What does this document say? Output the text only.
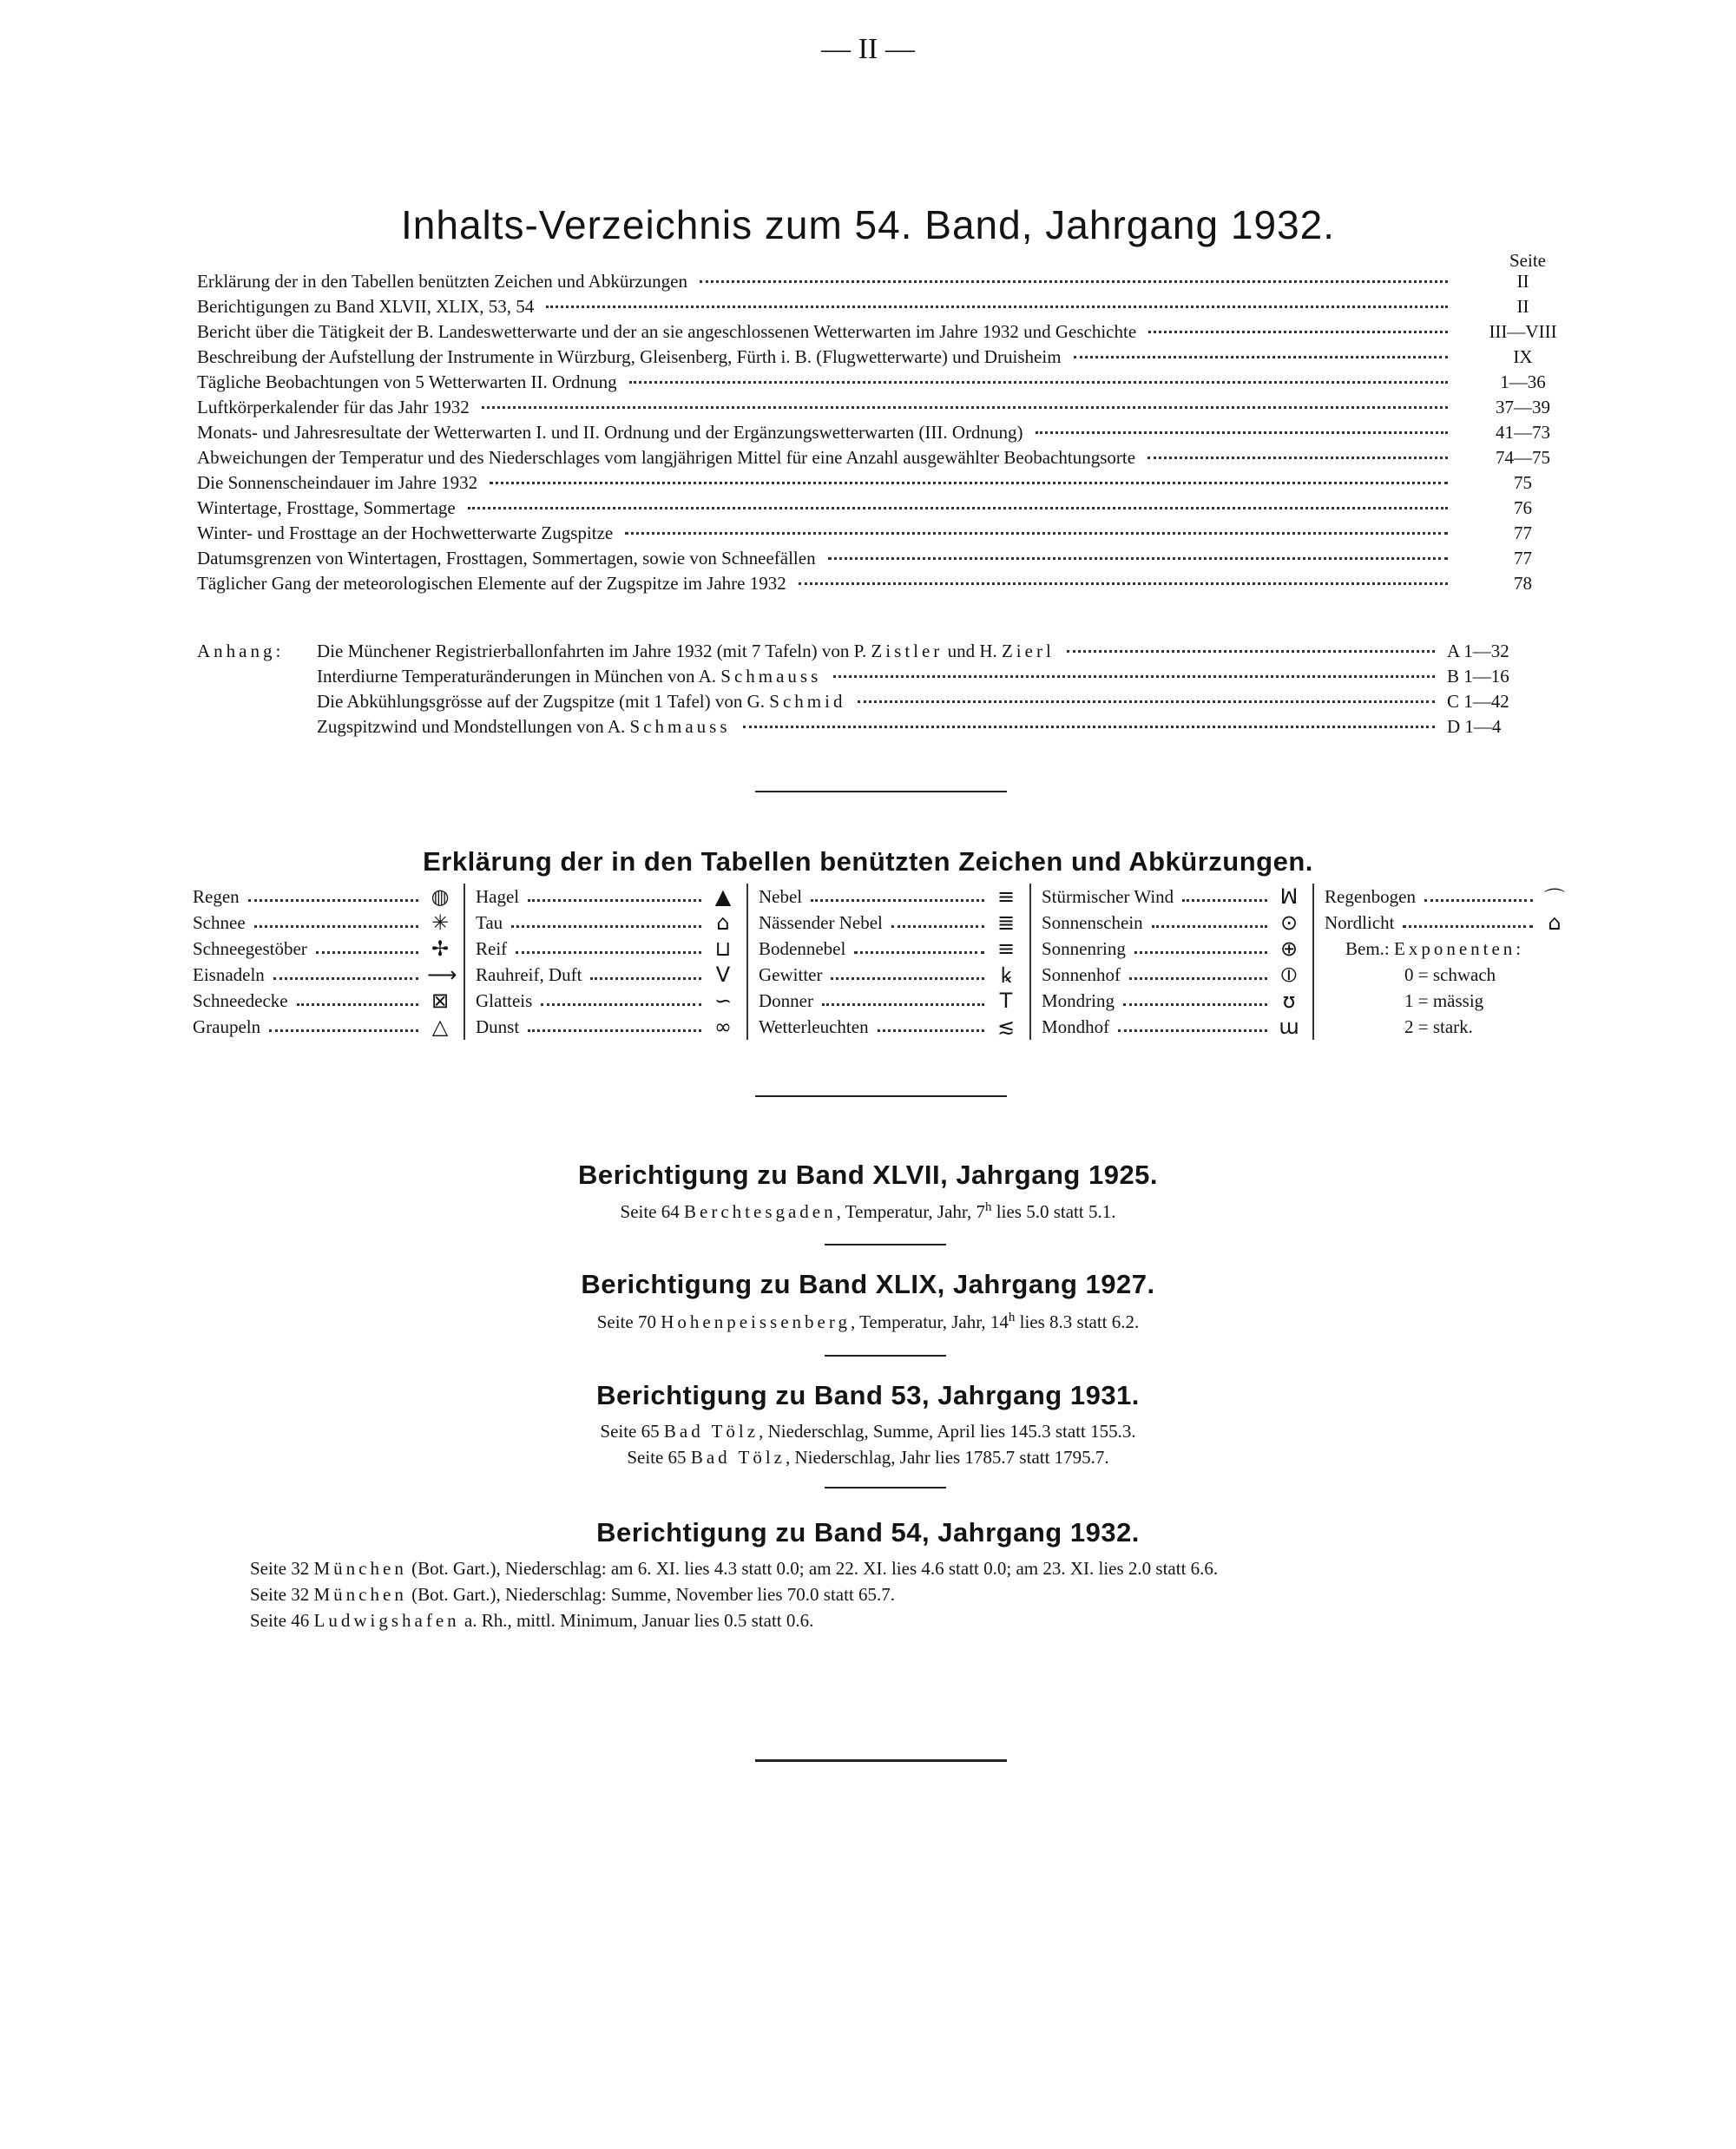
— II —
Inhalts-Verzeichnis zum 54. Band, Jahrgang 1932.
Seite
Erklärung der in den Tabellen benützten Zeichen und Abkürzungen	II
Berichtigungen zu Band XLVII, XLIX, 53, 54	II
Bericht über die Tätigkeit der B. Landeswetterwarte und der an sie angeschlossenen Wetterwarten im Jahre 1932 und Geschichte	III—VIII
Beschreibung der Aufstellung der Instrumente in Würzburg, Gleisenberg, Fürth i. B. (Flugwetterwarte) und Druisheim	IX
Tägliche Beobachtungen von 5 Wetterwarten II. Ordnung	1—36
Luftkörperkalender für das Jahr 1932	37—39
Monats- und Jahresresultate der Wetterwarten I. und II. Ordnung und der Ergänzungswetterwarten (III. Ordnung)	41—73
Abweichungen der Temperatur und des Niederschlages vom langjährigen Mittel für eine Anzahl ausgewählter Beobachtungsorte	74—75
Die Sonnenscheindauer im Jahre 1932	75
Wintertage, Frosttage, Sommertage	76
Winter- und Frosttage an der Hochwetterwarte Zugspitze	77
Datumsgrenzen von Wintertagen, Frosttagen, Sommertagen, sowie von Schneefällen	77
Täglicher Gang der meteorologischen Elemente auf der Zugspitze im Jahre 1932	78
Anhang: Die Münchener Registrierballonfahrten im Jahre 1932 (mit 7 Tafeln) von P. Zistler und H. Zierl	A 1—32
Interdiurne Temperaturänderungen in München von A. Schmauss	B 1—16
Die Abkühlungsgrösse auf der Zugspitze (mit 1 Tafel) von G. Schmid	C 1—42
Zugspitzwind und Mondstellungen von A. Schmauss	D 1—4
Erklärung der in den Tabellen benützten Zeichen und Abkürzungen.
Regen	◍
Schnee	✳
Schneegestöber	✢
Eisnadeln	⟶
Schneedecke	⊠
Graupeln	△
Hagel	▲
Tau	⌂
Reif	⊔
Rauhreif, Duft	V
Glatteis	∽
Dunst	∞
Nebel	≡
Nässender Nebel	≣
Bodennebel	≡
Gewitter	ꝃ
Donner	T
Wetterleuchten	≲
Stürmischer Wind	ꟽ
Sonnenschein	⊙
Sonnenring	⊕
Sonnenhof	⦶
Mondring	ʊ
Mondhof	ɯ
Regenbogen	⌒
Nordlicht	⌂
Bem.:
Exponenten:
0 = schwach
1 = mässig
2 = stark.
Berichtigung zu Band XLVII, Jahrgang 1925.
Seite 64 Berchtesgaden, Temperatur, Jahr, 7$^h$ lies 5.0 statt 5.1.
Berichtigung zu Band XLIX, Jahrgang 1927.
Seite 70 Hohenpeissenberg, Temperatur, Jahr, 14$^h$ lies 8.3 statt 6.2.
Berichtigung zu Band 53, Jahrgang 1931.
Seite 65 Bad Tölz, Niederschlag, Summe, April lies 145.3 statt 155.3.
Seite 65 Bad Tölz, Niederschlag, Jahr lies 1785.7 statt 1795.7.
Berichtigung zu Band 54, Jahrgang 1932.
Seite 32 München (Bot. Gart.), Niederschlag: am 6. XI. lies 4.3 statt 0.0; am 22. XI. lies 4.6 statt 0.0; am 23. XI. lies 2.0 statt 6.6.
Seite 32 München (Bot. Gart.), Niederschlag: Summe, November lies 70.0 statt 65.7.
Seite 46 Ludwigshafen a. Rh., mittl. Minimum, Januar lies 0.5 statt 0.6.
